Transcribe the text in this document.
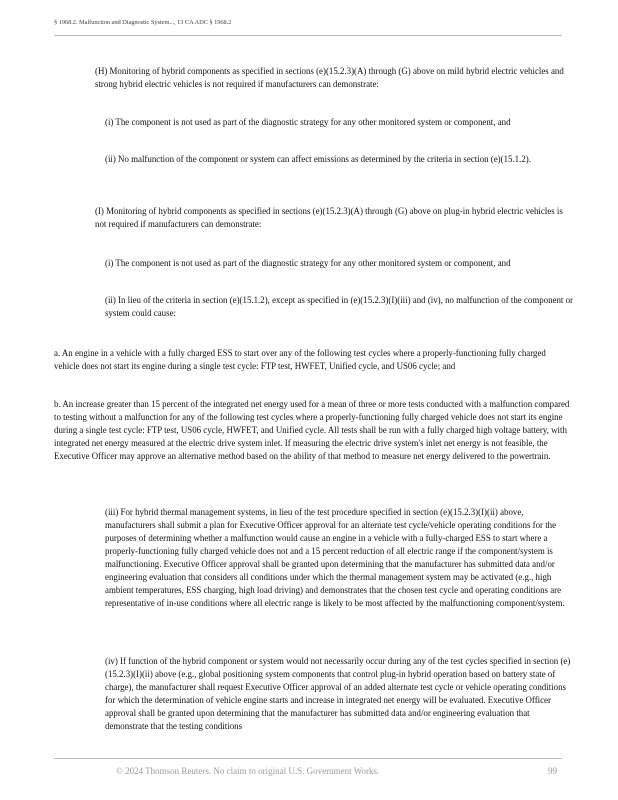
§ 1968.2. Malfunction and Diagnostic System..., 13 CA ADC § 1968.2

(H) Monitoring of hybrid components as specified in sections (e)(15.2.3)(A) through (G) above on mild hybrid electric vehicles and strong hybrid electric vehicles is not required if manufacturers can demonstrate:

(i) The component is not used as part of the diagnostic strategy for any other monitored system or component, and

(ii) No malfunction of the component or system can affect emissions as determined by the criteria in section (e)(15.1.2).

(I) Monitoring of hybrid components as specified in sections (e)(15.2.3)(A) through (G) above on plug-in hybrid electric vehicles is not required if manufacturers can demonstrate:

(i) The component is not used as part of the diagnostic strategy for any other monitored system or component, and

(ii) In lieu of the criteria in section (e)(15.1.2), except as specified in (e)(15.2.3)(I)(iii) and (iv), no malfunction of the component or system could cause:

a. An engine in a vehicle with a fully charged ESS to start over any of the following test cycles where a properly-functioning fully charged vehicle does not start its engine during a single test cycle: FTP test, HWFET, Unified cycle, and US06 cycle; and

b. An increase greater than 15 percent of the integrated net energy used for a mean of three or more tests conducted with a malfunction compared to testing without a malfunction for any of the following test cycles where a properly-functioning fully charged vehicle does not start its engine during a single test cycle: FTP test, US06 cycle, HWFET, and Unified cycle. All tests shall be run with a fully charged high voltage battery, with integrated net energy measured at the electric drive system inlet. If measuring the electric drive system's inlet net energy is not feasible, the Executive Officer may approve an alternative method based on the ability of that method to measure net energy delivered to the powertrain.

(iii) For hybrid thermal management systems, in lieu of the test procedure specified in section (e)(15.2.3)(I)(ii) above, manufacturers shall submit a plan for Executive Officer approval for an alternate test cycle/vehicle operating conditions for the purposes of determining whether a malfunction would cause an engine in a vehicle with a fully-charged ESS to start where a properly-functioning fully charged vehicle does not and a 15 percent reduction of all electric range if the component/system is malfunctioning. Executive Officer approval shall be granted upon determining that the manufacturer has submitted data and/or engineering evaluation that considers all conditions under which the thermal management system may be activated (e.g., high ambient temperatures, ESS charging, high load driving) and demonstrates that the chosen test cycle and operating conditions are representative of in-use conditions where all electric range is likely to be most affected by the malfunctioning component/system.

(iv) If function of the hybrid component or system would not necessarily occur during any of the test cycles specified in section (e)(15.2.3)(I)(ii) above (e.g., global positioning system components that control plug-in hybrid operation based on battery state of charge), the manufacturer shall request Executive Officer approval of an added alternate test cycle or vehicle operating conditions for which the determination of vehicle engine starts and increase in integrated net energy will be evaluated. Executive Officer approval shall be granted upon determining that the manufacturer has submitted data and/or engineering evaluation that demonstrate that the testing conditions

© 2024 Thomson Reuters. No claim to original U.S. Government Works.	99
